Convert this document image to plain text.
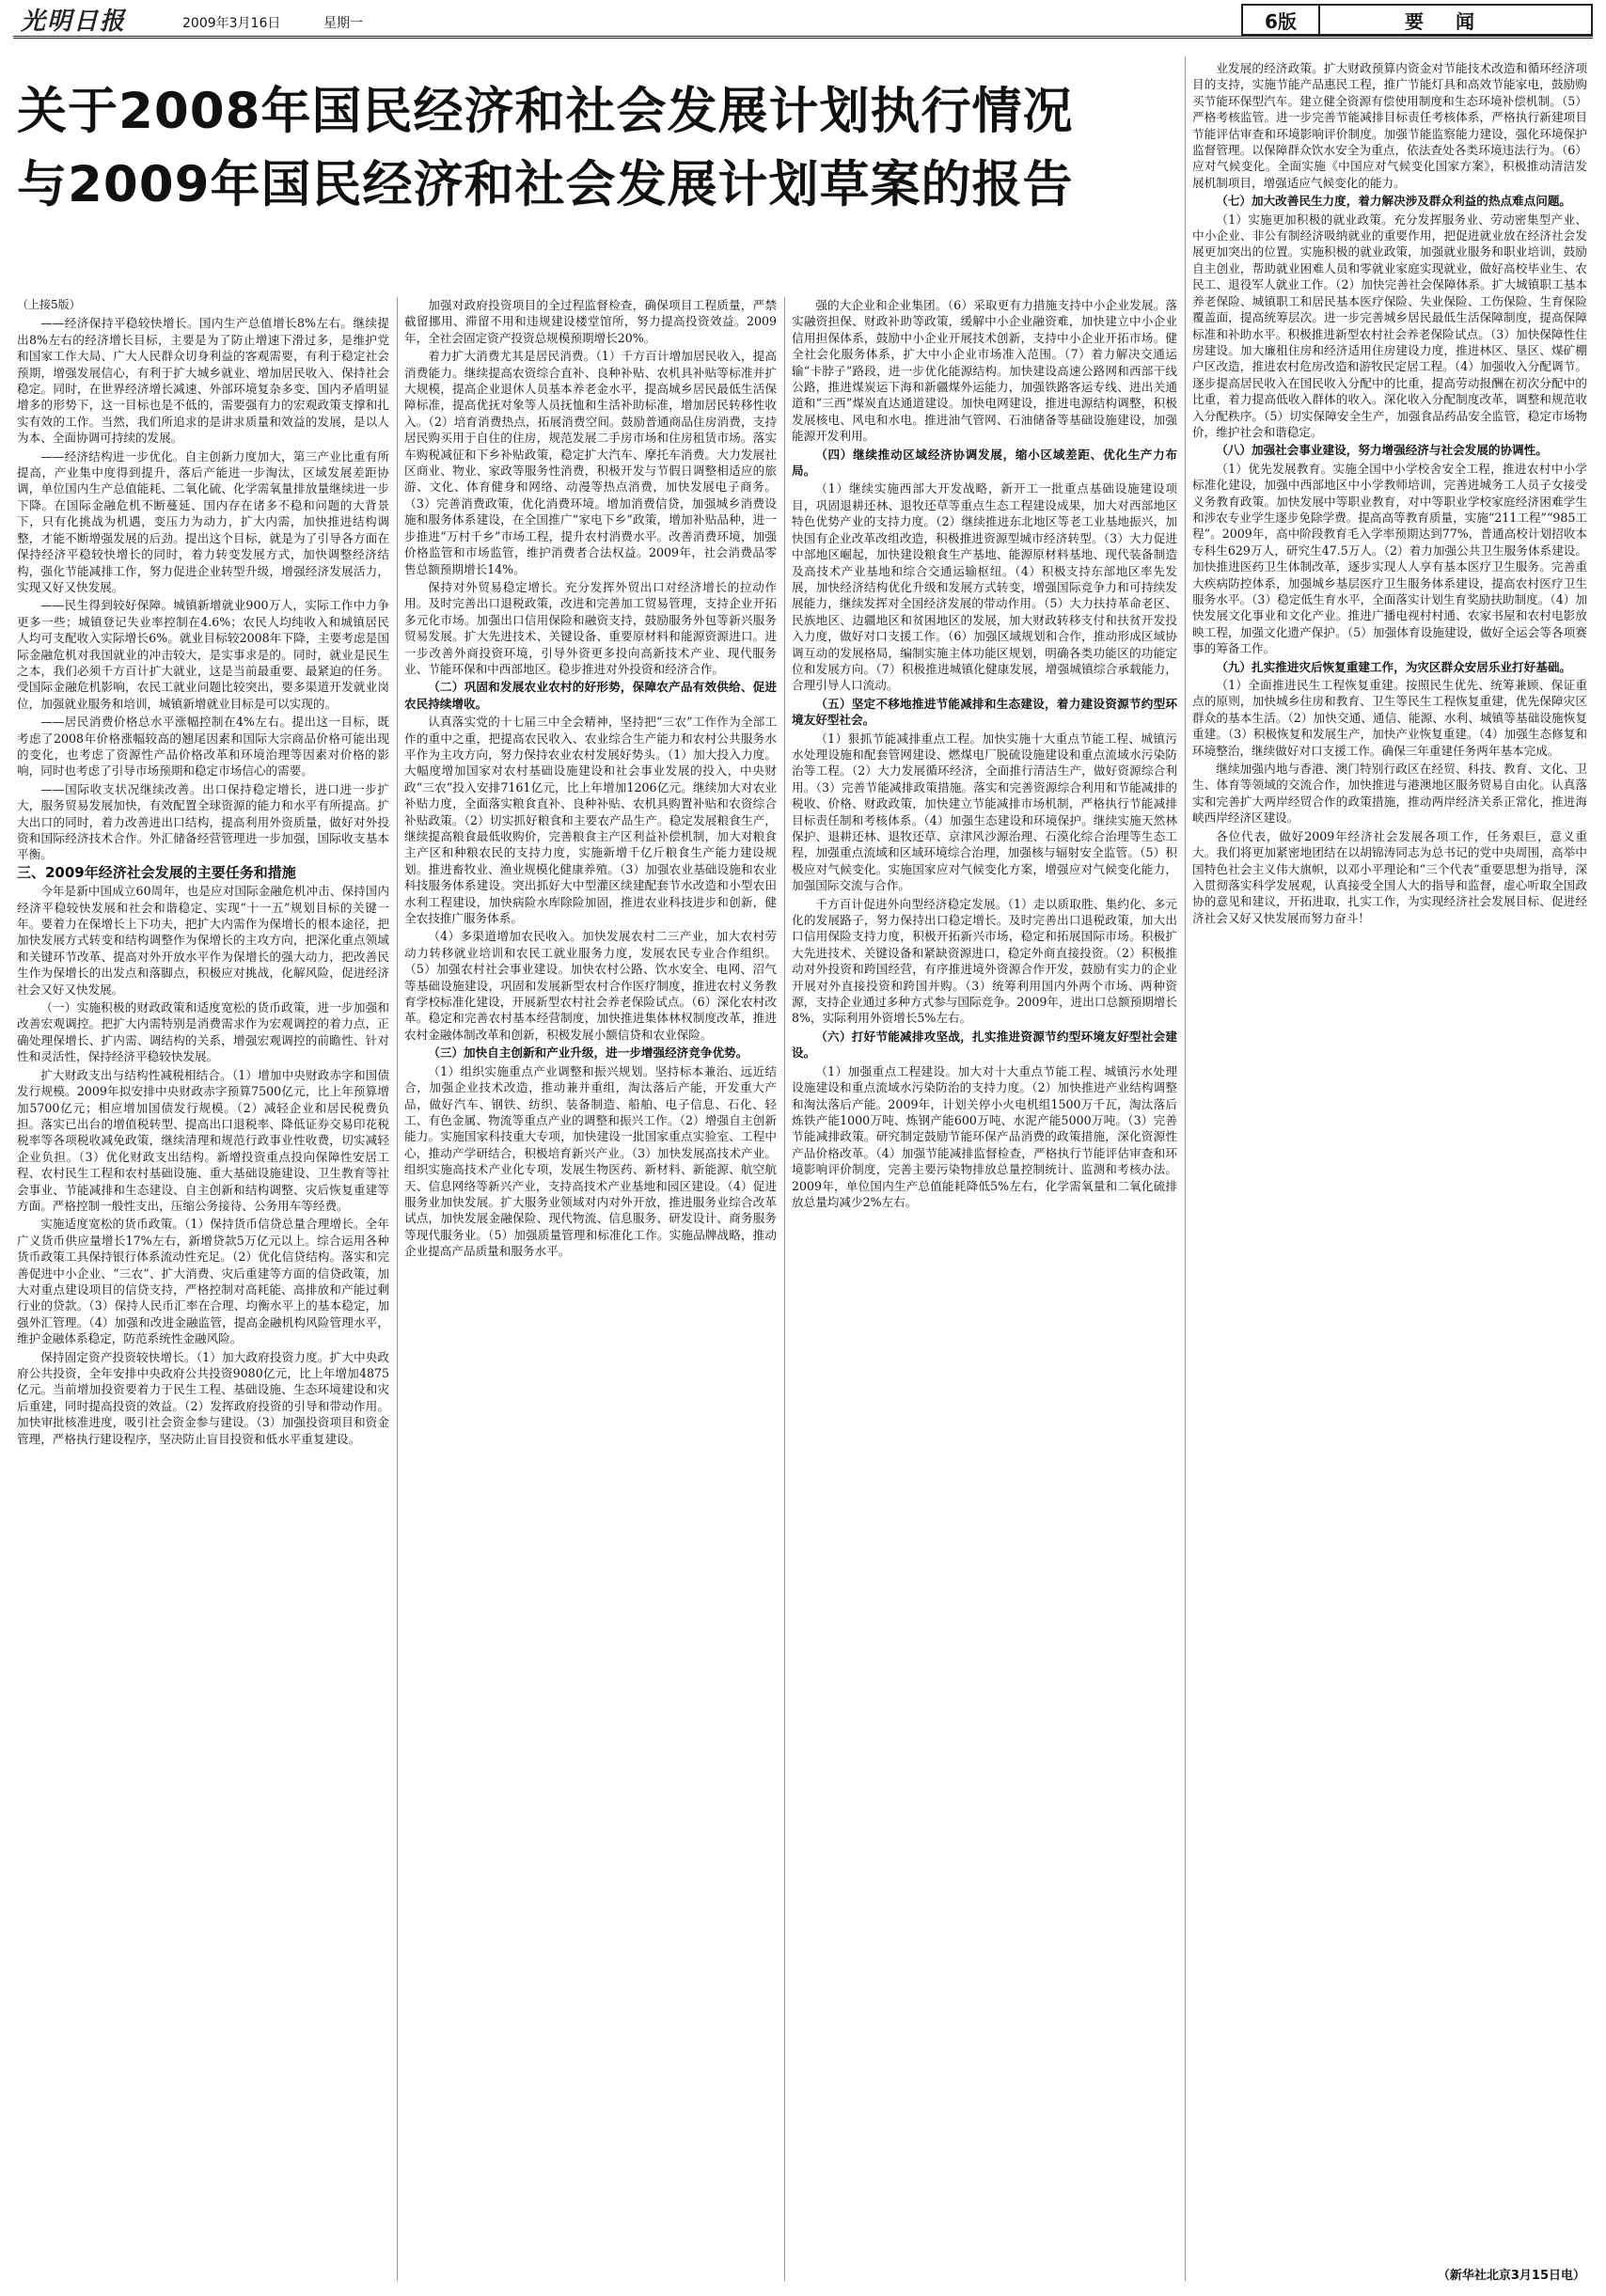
光明日报	2009年3月16日	星期一	6版	要闻
关于2008年国民经济和社会发展计划执行情况
与2009年国民经济和社会发展计划草案的报告

（上接5版）

——经济保持平稳较快增长。国内生产总值增长8%左右。继续提出8%左右的经济增长目标，主要是为了防止增速下滑过多，是维护党和国家工作大局、广大人民群众切身利益的客观需要，有利于稳定社会预期，增强发展信心，有利于扩大城乡就业、增加居民收入、保持社会稳定。同时，在世界经济增长减速、外部环境复杂多变、国内矛盾明显增多的形势下，这一目标也是不低的，需要强有力的宏观政策支撑和扎实有效的工作。当然，我们所追求的是讲求质量和效益的发展，是以人为本、全面协调可持续的发展。

——经济结构进一步优化。自主创新力度加大，第三产业比重有所提高，产业集中度得到提升，落后产能进一步淘汰，区域发展差距协调，单位国内生产总值能耗、二氧化硫、化学需氧量排放量继续进一步下降。在国际金融危机不断蔓延、国内存在诸多不稳和问题的大背景下，只有化挑战为机遇，变压力为动力，扩大内需，加快推进结构调整，才能不断增强发展的后劲。提出这个目标，就是为了引导各方面在保持经济平稳较快增长的同时，着力转变发展方式，加快调整经济结构，强化节能减排工作，努力促进企业转型升级，增强经济发展活力，实现又好又快发展。

——民生得到较好保障。城镇新增就业900万人，实际工作中力争更多一些；城镇登记失业率控制在4.6%；农民人均纯收入和城镇居民人均可支配收入实际增长6%。就业目标较2008年下降，主要考虑是国际金融危机对我国就业的冲击较大，是实事求是的。同时，就业是民生之本，我们必须千方百计扩大就业，这是当前最重要、最紧迫的任务。受国际金融危机影响，农民工就业问题比较突出，要多渠道开发就业岗位，加强就业服务和培训，城镇新增就业目标是可以实现的。

——居民消费价格总水平涨幅控制在4%左右。提出这一目标，既考虑了2008年价格涨幅较高的翘尾因素和国际大宗商品价格可能出现的变化，也考虑了资源性产品价格改革和环境治理等因素对价格的影响，同时也考虑了引导市场预期和稳定市场信心的需要。

——国际收支状况继续改善。出口保持稳定增长，进口进一步扩大，服务贸易发展加快，有效配置全球资源的能力和水平有所提高。扩大出口的同时，着力改善进出口结构，提高利用外资质量，做好对外投资和国际经济技术合作。外汇储备经营管理进一步加强，国际收支基本平衡。

三、2009年经济社会发展的主要任务和措施

今年是新中国成立60周年，也是应对国际金融危机冲击、保持国内经济平稳较快发展和社会和谐稳定、实现“十一五”规划目标的关键一年。要着力在保增长上下功夫，把扩大内需作为保增长的根本途径，把加快发展方式转变和结构调整作为保增长的主攻方向，把深化重点领域和关键环节改革、提高对外开放水平作为保增长的强大动力，把改善民生作为保增长的出发点和落脚点，积极应对挑战，化解风险，促进经济社会又好又快发展。

（一）实施积极的财政政策和适度宽松的货币政策，进一步加强和改善宏观调控。把扩大内需特别是消费需求作为宏观调控的着力点，正确处理保增长、扩内需、调结构的关系，增强宏观调控的前瞻性、针对性和灵活性，保持经济平稳较快发展。

扩大财政支出与结构性减税相结合。（1）增加中央财政赤字和国债发行规模。2009年拟安排中央财政赤字预算7500亿元，比上年预算增加5700亿元；相应增加国债发行规模。（2）减轻企业和居民税费负担。落实已出台的增值税转型、提高出口退税率、降低证券交易印花税税率等各项税收减免政策，继续清理和规范行政事业性收费，切实减轻企业负担。（3）优化财政支出结构。新增投资重点投向保障性安居工程、农村民生工程和农村基础设施、重大基础设施建设、卫生教育等社会事业、节能减排和生态建设、自主创新和结构调整、灾后恢复重建等方面。严格控制一般性支出，压缩公务接待、公务用车等经费。

实施适度宽松的货币政策。（1）保持货币信贷总量合理增长。全年广义货币供应量增长17%左右，新增贷款5万亿元以上。综合运用各种货币政策工具保持银行体系流动性充足。（2）优化信贷结构。落实和完善促进中小企业、“三农”、扩大消费、灾后重建等方面的信贷政策，加大对重点建设项目的信贷支持，严格控制对高耗能、高排放和产能过剩行业的贷款。（3）保持人民币汇率在合理、均衡水平上的基本稳定，加强外汇管理。（4）加强和改进金融监管，提高金融机构风险管理水平，维护金融体系稳定，防范系统性金融风险。

保持固定资产投资较快增长。（1）加大政府投资力度。扩大中央政府公共投资，全年安排中央政府公共投资9080亿元，比上年增加4875亿元。当前增加投资要着力于民生工程、基础设施、生态环境建设和灾后重建，同时提高投资的效益。（2）发挥政府投资的引导和带动作用。加快审批核准进度，吸引社会资金参与建设。（3）加强投资项目和资金管理，严格执行建设程序，坚决防止盲目投资和低水平重复建设。

加强对政府投资项目的全过程监督检查，确保项目工程质量，严禁截留挪用、滞留不用和违规建设楼堂馆所，努力提高投资效益。2009年，全社会固定资产投资总规模预期增长20%。

着力扩大消费尤其是居民消费。（1）千方百计增加居民收入，提高消费能力。继续提高农资综合直补、良种补贴、农机具补贴等标准并扩大规模，提高企业退休人员基本养老金水平，提高城乡居民最低生活保障标准，提高优抚对象等人员抚恤和生活补助标准，增加居民转移性收入。（2）培育消费热点，拓展消费空间。鼓励普通商品住房消费，支持居民购买用于自住的住房，规范发展二手房市场和住房租赁市场。落实车购税减征和下乡补贴政策，稳定扩大汽车、摩托车消费。大力发展社区商业、物业、家政等服务性消费，积极开发与节假日调整相适应的旅游、文化、体育健身和网络、动漫等热点消费，加快发展电子商务。（3）完善消费政策，优化消费环境。增加消费信贷，加强城乡消费设施和服务体系建设，在全国推广“家电下乡”政策，增加补贴品种，进一步推进“万村千乡”市场工程，提升农村消费水平。改善消费环境，加强价格监管和市场监管，维护消费者合法权益。2009年，社会消费品零售总额预期增长14%。

保持对外贸易稳定增长。充分发挥外贸出口对经济增长的拉动作用。及时完善出口退税政策，改进和完善加工贸易管理，支持企业开拓多元化市场。加强出口信用保险和融资支持，鼓励服务外包等新兴服务贸易发展。扩大先进技术、关键设备、重要原材料和能源资源进口。进一步改善外商投资环境，引导外资更多投向高新技术产业、现代服务业、节能环保和中西部地区。稳步推进对外投资和经济合作。

（二）巩固和发展农业农村的好形势，保障农产品有效供给、促进农民持续增收。

认真落实党的十七届三中全会精神，坚持把“三农”工作作为全部工作的重中之重，把提高农民收入、农业综合生产能力和农村公共服务水平作为主攻方向，努力保持农业农村发展好势头。（1）加大投入力度。大幅度增加国家对农村基础设施建设和社会事业发展的投入，中央财政“三农”投入安排7161亿元，比上年增加1206亿元。继续加大对农业补贴力度，全面落实粮食直补、良种补贴、农机具购置补贴和农资综合补贴政策。（2）切实抓好粮食和主要农产品生产。稳定发展粮食生产，继续提高粮食最低收购价，完善粮食主产区利益补偿机制，加大对粮食主产区和种粮农民的支持力度，实施新增千亿斤粮食生产能力建设规划。推进畜牧业、渔业规模化健康养殖。（3）加强农业基础设施和农业科技服务体系建设。突出抓好大中型灌区续建配套节水改造和小型农田水利工程建设，加快病险水库除险加固，推进农业科技进步和创新，健全农技推广服务体系。

（4）多渠道增加农民收入。加快发展农村二三产业，加大农村劳动力转移就业培训和农民工就业服务力度，发展农民专业合作组织。（5）加强农村社会事业建设。加快农村公路、饮水安全、电网、沼气等基础设施建设，巩固和发展新型农村合作医疗制度，推进农村义务教育学校标准化建设，开展新型农村社会养老保险试点。（6）深化农村改革。稳定和完善农村基本经营制度，加快推进集体林权制度改革，推进农村金融体制改革和创新，积极发展小额信贷和农业保险。

（三）加快自主创新和产业升级，进一步增强经济竞争优势。

（1）组织实施重点产业调整和振兴规划。坚持标本兼治、远近结合，加强企业技术改造，推动兼并重组，淘汰落后产能，开发重大产品，做好汽车、钢铁、纺织、装备制造、船舶、电子信息、石化、轻工、有色金属、物流等重点产业的调整和振兴工作。（2）增强自主创新能力。实施国家科技重大专项，加快建设一批国家重点实验室、工程中心，推动产学研结合，积极培育新兴产业。（3）加快发展高技术产业。组织实施高技术产业化专项，发展生物医药、新材料、新能源、航空航天、信息网络等新兴产业，支持高技术产业基地和园区建设。（4）促进服务业加快发展。扩大服务业领域对内对外开放，推进服务业综合改革试点，加快发展金融保险、现代物流、信息服务、研发设计、商务服务等现代服务业。（5）加强质量管理和标准化工作。实施品牌战略，推动企业提高产品质量和服务水平。

强的大企业和企业集团。（6）采取更有力措施支持中小企业发展。落实融资担保、财政补助等政策，缓解中小企业融资难，加快建立中小企业信用担保体系，鼓励中小企业开展技术创新，支持中小企业开拓市场。健全社会化服务体系，扩大中小企业市场准入范围。（7）着力解决交通运输“卡脖子”路段，进一步优化能源结构。加快建设高速公路网和西部干线公路，推进煤炭运下海和新疆煤外运能力，加强铁路客运专线、进出关通道和“三西”煤炭直达通道建设。加快电网建设，推进电源结构调整，积极发展核电、风电和水电。推进油气管网、石油储备等基础设施建设，加强能源开发利用。

（四）继续推动区域经济协调发展，缩小区域差距、优化生产力布局。

（1）继续实施西部大开发战略，新开工一批重点基础设施建设项目，巩固退耕还林、退牧还草等重点生态工程建设成果，加大对西部地区特色优势产业的支持力度。（2）继续推进东北地区等老工业基地振兴，加快国有企业改革改组改造，积极推进资源型城市经济转型。（3）大力促进中部地区崛起，加快建设粮食生产基地、能源原材料基地、现代装备制造及高技术产业基地和综合交通运输枢纽。（4）积极支持东部地区率先发展，加快经济结构优化升级和发展方式转变，增强国际竞争力和可持续发展能力，继续发挥对全国经济发展的带动作用。（5）大力扶持革命老区、民族地区、边疆地区和贫困地区的发展，加大财政转移支付和扶贫开发投入力度，做好对口支援工作。（6）加强区域规划和合作，推动形成区域协调互动的发展格局，编制实施主体功能区规划，明确各类功能区的功能定位和发展方向。（7）积极推进城镇化健康发展，增强城镇综合承载能力，合理引导人口流动。

（五）坚定不移地推进节能减排和生态建设，着力建设资源节约型环境友好型社会。

（1）狠抓节能减排重点工程。加快实施十大重点节能工程、城镇污水处理设施和配套管网建设、燃煤电厂脱硫设施建设和重点流域水污染防治等工程。（2）大力发展循环经济，全面推行清洁生产，做好资源综合利用。（3）完善节能减排政策措施。落实和完善资源综合利用和节能减排的税收、价格、财政政策，加快建立节能减排市场机制，严格执行节能减排目标责任制和考核体系。（4）加强生态建设和环境保护。继续实施天然林保护、退耕还林、退牧还草、京津风沙源治理、石漠化综合治理等生态工程，加强重点流域和区域环境综合治理，加强核与辐射安全监管。（5）积极应对气候变化。实施国家应对气候变化方案，增强应对气候变化能力，加强国际交流与合作。

千方百计促进外向型经济稳定发展。（1）走以质取胜、集约化、多元化的发展路子，努力保持出口稳定增长。及时完善出口退税政策，加大出口信用保险支持力度，积极开拓新兴市场，稳定和拓展国际市场。积极扩大先进技术、关键设备和紧缺资源进口，稳定外商直接投资。（2）积极推动对外投资和跨国经营，有序推进境外资源合作开发，鼓励有实力的企业开展对外直接投资和跨国并购。（3）统筹利用国内外两个市场、两种资源，支持企业通过多种方式参与国际竞争。2009年，进出口总额预期增长8%，实际利用外资增长5%左右。

（六）打好节能减排攻坚战，扎实推进资源节约型环境友好型社会建设。

（1）加强重点工程建设。加大对十大重点节能工程、城镇污水处理设施建设和重点流域水污染防治的支持力度。（2）加快推进产业结构调整和淘汰落后产能。2009年，计划关停小火电机组1500万千瓦，淘汰落后炼铁产能1000万吨、炼钢产能600万吨、水泥产能5000万吨。（3）完善节能减排政策。研究制定鼓励节能环保产品消费的政策措施，深化资源性产品价格改革。（4）加强节能减排监督检查，严格执行节能评估审查和环境影响评价制度，完善主要污染物排放总量控制统计、监测和考核办法。2009年，单位国内生产总值能耗降低5%左右，化学需氧量和二氧化硫排放总量均减少2%左右。

业发展的经济政策。扩大财政预算内资金对节能技术改造和循环经济项目的支持，实施节能产品惠民工程，推广节能灯具和高效节能家电，鼓励购买节能环保型汽车。建立健全资源有偿使用制度和生态环境补偿机制。（5）严格考核监管。进一步完善节能减排目标责任考核体系，严格执行新建项目节能评估审查和环境影响评价制度。加强节能监察能力建设，强化环境保护监督管理。以保障群众饮水安全为重点，依法查处各类环境违法行为。（6）应对气候变化。全面实施《中国应对气候变化国家方案》，积极推动清洁发展机制项目，增强适应气候变化的能力。

（七）加大改善民生力度，着力解决涉及群众利益的热点难点问题。

（1）实施更加积极的就业政策。充分发挥服务业、劳动密集型产业、中小企业、非公有制经济吸纳就业的重要作用，把促进就业放在经济社会发展更加突出的位置。实施积极的就业政策，加强就业服务和职业培训，鼓励自主创业，帮助就业困难人员和零就业家庭实现就业，做好高校毕业生、农民工、退役军人就业工作。（2）加快完善社会保障体系。扩大城镇职工基本养老保险、城镇职工和居民基本医疗保险、失业保险、工伤保险、生育保险覆盖面，提高统筹层次。进一步完善城乡居民最低生活保障制度，提高保障标准和补助水平。积极推进新型农村社会养老保险试点。（3）加快保障性住房建设。加大廉租住房和经济适用住房建设力度，推进林区、垦区、煤矿棚户区改造，推进农村危房改造和游牧民定居工程。（4）加强收入分配调节。逐步提高居民收入在国民收入分配中的比重，提高劳动报酬在初次分配中的比重，着力提高低收入群体的收入。深化收入分配制度改革，调整和规范收入分配秩序。（5）切实保障安全生产，加强食品药品安全监管，稳定市场物价，维护社会和谐稳定。

（八）加强社会事业建设，努力增强经济与社会发展的协调性。

（1）优先发展教育。实施全国中小学校舍安全工程，推进农村中小学标准化建设，加强中西部地区中小学教师培训，完善进城务工人员子女接受义务教育政策。加快发展中等职业教育，对中等职业学校家庭经济困难学生和涉农专业学生逐步免除学费。提高高等教育质量，实施“211工程”“985工程”。2009年，高中阶段教育毛入学率预期达到77%，普通高校计划招收本专科生629万人，研究生47.5万人。（2）着力加强公共卫生服务体系建设。加快推进医药卫生体制改革，逐步实现人人享有基本医疗卫生服务。完善重大疾病防控体系，加强城乡基层医疗卫生服务体系建设，提高农村医疗卫生服务水平。（3）稳定低生育水平，全面落实计划生育奖励扶助制度。（4）加快发展文化事业和文化产业。推进广播电视村村通、农家书屋和农村电影放映工程，加强文化遗产保护。（5）加强体育设施建设，做好全运会等各项赛事的筹备工作。

（九）扎实推进灾后恢复重建工作，为灾区群众安居乐业打好基础。

（1）全面推进民生工程恢复重建。按照民生优先、统筹兼顾、保证重点的原则，加快城乡住房和教育、卫生等民生工程恢复重建，优先保障灾区群众的基本生活。（2）加快交通、通信、能源、水利、城镇等基础设施恢复重建。（3）积极恢复和发展生产，加快产业恢复重建。（4）加强生态修复和环境整治，继续做好对口支援工作。确保三年重建任务两年基本完成。

继续加强内地与香港、澳门特别行政区在经贸、科技、教育、文化、卫生、体育等领域的交流合作，加快推进与港澳地区服务贸易自由化。认真落实和完善扩大两岸经贸合作的政策措施，推动两岸经济关系正常化，推进海峡西岸经济区建设。

各位代表，做好2009年经济社会发展各项工作，任务艰巨，意义重大。我们将更加紧密地团结在以胡锦涛同志为总书记的党中央周围，高举中国特色社会主义伟大旗帜，以邓小平理论和“三个代表”重要思想为指导，深入贯彻落实科学发展观，认真接受全国人大的指导和监督，虚心听取全国政协的意见和建议，开拓进取，扎实工作，为实现经济社会发展目标、促进经济社会又好又快发展而努力奋斗！

（新华社北京3月15日电）
